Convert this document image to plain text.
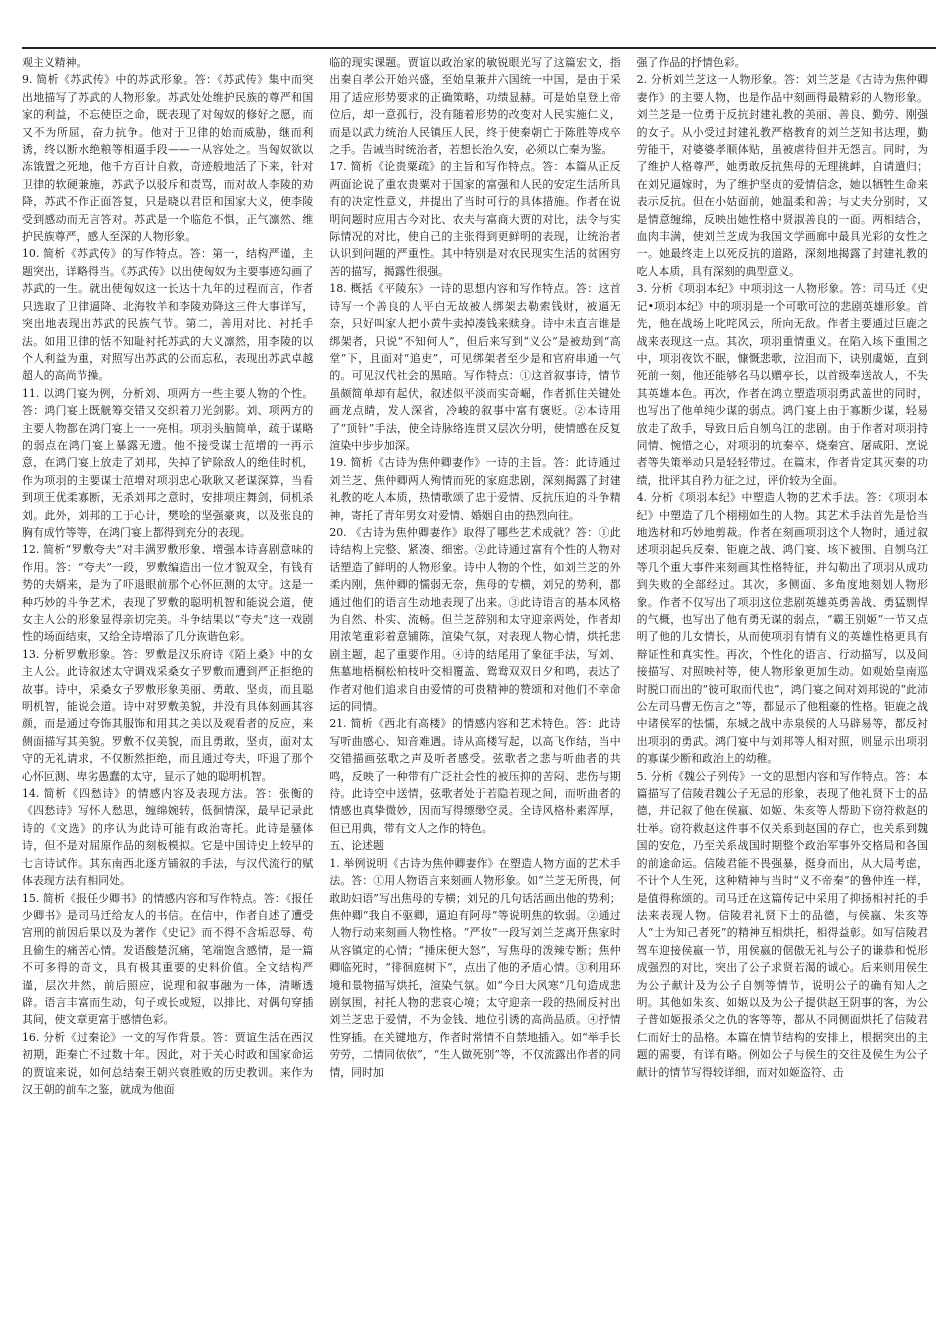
观主义精神。

9. 简析《苏武传》中的苏武形象。答：《苏武传》集中而突出地描写了苏武的人物形象。苏武处处维护民族的尊严和国家的利益，不忘使臣之命，既表现了对匈奴的修好之愿，而又不为所屈，奋力抗争。他对于卫律的始而威胁，继而利诱，终以断水绝粮等相逼手段——一从容处之。当匈奴欲以冻饿置之死地，他千方百计自救，奇迹般地活了下来，针对卫律的软硬兼施，苏武予以驳斥和责骂，而对故人李陵的劝降，苏武不作正面答复，只是晓以君臣和国家大义，使李陵受到感动而无言答对。苏武是一个临危不惧，正气凛然、维护民族尊严，感人至深的人物形象。

10. 简析《苏武传》的写作特点。答：第一，结构严谨，主题突出，详略得当。《苏武传》以出使匈奴为主要事迹勾画了苏武的一生。就出使匈奴这一长达十九年的过程而言，作者只选取了卫律逼降、北海牧羊和李陵劝降这三件大事详写，突出地表现出苏武的民族气节。第二，善用对比、衬托手法。如用卫律的恬不知耻衬托苏武的大义凛然，用李陵的以个人利益为重，对照写出苏武的公而忘私，表现出苏武卓越超人的高尚节操。

11. 以鸿门宴为例，分析刘、项两方一些主要人物的个性。答：鸿门宴上既觥筹交错又交织着刀光剑影。刘、项两方的主要人物都在鸿门宴上一一亮相。项羽头脑简单，疏于谋略的弱点在鸿门宴上暴露无遗。他不接受谋士范增的一再示意，在鸿门宴上放走了刘邦，失掉了铲除敌人的绝佳时机，作为项羽的主要谋士范增对项羽忠心耿耿又老谋深算，当看到项王优柔寡断，无杀刘邦之意时，安排项庄舞剑，伺机杀刘。此外，刘邦的工于心计，樊哙的坚强豪爽，以及张良的胸有成竹等等，在鸿门宴上都得到充分的表现。

12. 简析“罗敷夸夫”对丰满罗敷形象、增强本诗喜剧意味的作用。答：“夸夫”一段，罗敷编造出一位才貌双全，有钱有势的夫婿来，是为了吓退眼前那个心怀叵测的太守。这是一种巧妙的斗争艺术，表现了罗敷的聪明机智和能说会道，使女主人公的形象显得亲切完美。斗争结果以“夸夫”这一戏剧性的场面结束，又给全诗增添了几分诙谐色彩。

13. 分析罗敷形象。答：罗敷是汉乐府诗《陌上桑》中的女主人公。此诗叙述太守调戏采桑女子罗敷而遭到严正拒绝的故事。诗中，采桑女子罗敷形象美丽、勇敢、坚贞，而且聪明机智，能说会道。诗中对罗敷美貌，并没有具体刻画其容颜，而是通过夸饰其服饰和用其之美以及观看者的反应，来侧面描写其美貌。罗敷不仅美貌，而且勇敢，坚贞，面对太守的无礼请求，不仅断然拒绝，而且通过夸夫，吓退了那个心怀叵测、卑劣愚蠢的太守，显示了她的聪明机智。

14. 简析《四愁诗》的情感内容及表现方法。答：张衡的《四愁诗》写怀人愁思，缠绵婉转，低徊情深，最早记录此诗的《文选》的序认为此诗可能有政治寄托。此诗是骚体诗，但不是对屈原作品的刻板模拟。它是中国诗史上较早的七言诗试作。其东南西北逐方铺叙的手法，与汉代流行的赋体表现方法有相同处。

15. 简析《报任少卿书》的情感内容和写作特点。答：《报任少卿书》是司马迁给友人的书信。在信中，作者自述了遭受宫刑的前因后果以及为著作《史记》而不得不含垢忍辱、苟且偷生的痛苦心情。发语酸楚沉痛，笔端饱含感情，是一篇不可多得的奇文，具有极其重要的史料价值。全文结构严谨，层次井然，前后照应，说理和叙事融为一体，清晰透辟。语言丰富而生动，句子或长或短，以排比、对偶句穿插其间，使文章更富于感情色彩。

16. 分析《过秦论》一文的写作背景。答：贾谊生活在西汉初期，距秦亡不过数十年。因此，对于关心时政和国家命运的贾谊来说，如何总结秦王朝兴衰胜败的历史教训。来作为汉王朝的前车之鉴，就成为他面

临的现实课题。贾谊以政治家的敏锐眼光写了这篇宏文，指出秦自孝公开始兴盛，至始皇兼并六国统一中国，是由于采用了适应形势要求的正确策略，功绩显赫。可是始皇登上帝位后，却一意孤行，没有随着形势的改变对人民实施仁义，而是以武力统治人民镇压人民，终于使秦朝亡于陈胜等戍卒之手。告诫当时统治者，若想长治久安，必须以亡秦为鉴。

17. 简析《论贵粟疏》的主旨和写作特点。答：本篇从正反两面论说了重农贵粟对于国家的富强和人民的安定生活所具有的决定性意义，并提出了当时可行的具体措施。作者在说明问题时应用古今对比、农夫与富商大贾的对比，法令与实际情况的对比，使自己的主张得到更鲜明的表现，让统治者认识到问题的严重性。其中特别是对农民现实生活的贫困穷苦的描写，揭露性很强。

18. 概括《平陵东》一诗的思想内容和写作特点。答：这首诗写一个善良的人平白无故被人绑架去勒索钱财，被逼无奈，只好叫家人把小黄牛卖掉凑钱来赎身。诗中未直言谁是绑架者，只说“不知何人”，但后来写到“义公”是被劫到“高堂”下，且面对“追吏”，可见绑架者至少是和官府串通一气的。可见汉代社会的黑暗。写作特点：①这首叙事诗，情节虽颇简单却有起伏，叙述似平淡而实奇崛，作者抓住关键处画龙点睛，发人深省，冷峻的叙事中富有褒贬。②本诗用了“顶针”手法，使全诗脉络连贯又层次分明，使情感在反复渲染中步步加深。

19. 简析《古诗为焦仲卿妻作》一诗的主旨。答：此诗通过刘兰芝、焦仲卿两人殉情而死的家庭悲剧，深刻揭露了封建礼教的吃人本质，热情歌颂了忠于爱情、反抗压迫的斗争精神，寄托了青年男女对爱情、婚姻自由的热烈向往。

20. 《古诗为焦仲卿妻作》取得了哪些艺术成就？答：①此诗结构上完整、紧凑、细密。②此诗通过富有个性的人物对话塑造了鲜明的人物形象。诗中人物的个性，如刘兰芝的外柔内刚，焦仲卿的懦弱无奈，焦母的专横，刘兄的势利，都通过他们的语言生动地表现了出来。③此诗语言的基本风格为自然、朴实、流畅。但兰芝辞别和太守迎亲两处，作者却用浓笔重彩着意铺陈，渲染气氛，对表现人物心情，烘托悲剧主题，起了重要作用。④诗的结尾用了象征手法，写刘、焦墓地梧桐松柏枝叶交相覆盖、鸳鸯双双日夕和鸣，表达了作者对他们追求自由爱情的可贵精神的赞颂和对他们不幸命运的同情。

21. 简析《西北有高楼》的情感内容和艺术特色。答：此诗写听曲感心、知音难遇。诗从高楼写起，以高飞作结，当中交错描画弦歌之声及听者感受。弦歌者之悲与听曲者的共鸣，反映了一种带有广泛社会性的被压抑的苦闷、悲伤与期待。此诗空中送情，弦歌者处于若隐若现之间，而听曲者的情感也真挚微妙，因而写得缥缈空灵。全诗风格朴素浑厚，但已用典，带有文人之作的特色。

五、论述题

1. 举例说明《古诗为焦仲卿妻作》在塑造人物方面的艺术手法。答：①用人物语言来刻画人物形象。如“兰芝无所畏，何敢助妇语”写出焦母的专横；刘兄的几句话活画出他的势利；焦仲卿“我自不驱卿，逼迫有阿母”等说明焦的软弱。②通过人物行动来刻画人物性格。“严妆”一段写刘兰芝离开焦家时从容镇定的心情；“捶床便大怒”，写焦母的泼辣专断；焦仲卿临死时，“徘徊庭树下”，点出了他的矛盾心情。③利用环境和景物描写烘托，渲染气氛。如“今日大风寒”几句造成悲剧氛围，衬托人物的悲哀心境；太守迎亲一段的热闹反衬出刘兰芝忠于爱情，不为金钱、地位引诱的高尚品质。④抒情性穿插。在关键地方，作者时常情不自禁地插入。如“举手长劳劳，二情同依依”，“生人做死别”等，不仅流露出作者的同情，同时加

强了作品的抒情色彩。

2. 分析刘兰芝这一人物形象。答：刘兰芝是《古诗为焦仲卿妻作》的主要人物，也是作品中刻画得最精彩的人物形象。刘兰芝是一位勇于反抗封建礼教的美丽、善良、勤劳、刚强的女子。从小受过封建礼教严格教育的刘兰芝知书达理，勤劳能干，对婆婆孝顺体贴，虽被虐待但并无怨言。同时，为了维护人格尊严，她勇敢反抗焦母的无理挑衅，自请遣归；在刘兄逼嫁时，为了维护坚贞的爱情信念，她以牺牲生命来表示反抗。但在小姑面前，她温柔和善；与丈夫分别时，又是情意缠绵，反映出她性格中贤淑善良的一面。两相结合，血肉丰满，使刘兰芝成为我国文学画廊中最具光彩的女性之一。她最终走上以死反抗的道路，深刻地揭露了封建礼教的吃人本质，具有深刻的典型意义。

3. 分析《项羽本纪》中项羽这一人物形象。答：司马迁《史记•项羽本纪》中的项羽是一个可歌可泣的悲剧英雄形象。首先，他在战场上叱咤风云，所向无敌。作者主要通过巨鹿之战来表现这一点。其次，项羽重情重义。在陷入垓下重围之中，项羽夜饮不眠，慷慨悲歌，泣泪而下，诀别虞姬，直到死前一刻，他还能够名马以赠亭长，以首级奉送故人，不失其英雄本色。再次，作者在鸿立塑造项羽勇武盖世的同时，也写出了他单纯少谋的弱点。鸿门宴上由于寡断少谋，轻易放走了敌手，导致日后自刎乌江的悲剧。由于作者对项羽持同情、惋惜之心，对项羽的坑秦卒、烧秦宫、屠咸阳、烹说者等失策举动只是轻轻带过。在篇末，作者肯定其灭秦的功绩，批评其自矜力征之过，评价较为全面。

4. 分析《项羽本纪》中塑造人物的艺术手法。答：《项羽本纪》中塑造了几个栩栩如生的人物。其艺术手法首先是恰当地选材和巧妙地剪裁。作者在刻画项羽这个人物时，通过叙述项羽起兵反秦、钜鹿之战、鸿门宴、垓下被围、自刎乌江等几个重大事件来刻画其性格特征，并勾勒出了项羽从成功到失败的全部经过。其次，多侧面、多角度地刻划人物形象。作者不仅写出了项羽这位悲剧英雄英勇善战、勇猛剽悍的气概，也写出了他有勇无谋的弱点，“霸王别姬”一节又点明了他的儿女情长，从而使项羽有情有义的英雄性格更具有辩证性和真实性。再次，个性化的语言、行动描写，以及间接描写、对照映衬等，使人物形象更加生动。如观始皇南巡时脱口而出的“彼可取而代也”，鸿门宴之间对刘邦说的“此沛公左司马曹无伤言之”等，都显示了他粗豪的性格。钜鹿之战中诸侯军的怯懦，东城之战中赤泉侯的人马辟易等，都反衬出项羽的勇武。鸿门宴中与刘邦等人相对照，则显示出项羽的寡谋少断和政治上的幼稚。

5. 分析《魏公子列传》一文的思想内容和写作特点。答：本篇描写了信陵君魏公子无忌的形象，表现了他礼贤下士的品德，并记叙了他在侯嬴、如姬、朱亥等人帮助下窃符救赵的壮举。窃符救赵这件事不仅关系到赵国的存亡，也关系到魏国的安危，乃至关系战国时期整个政治军事外交格局和各国的前途命运。信陵君能不畏强暴，挺身而出，从大局考虑，不计个人生死，这种精神与当时“义不帝秦”的鲁仲连一样，是值得称颂的。司马迁在这篇传记中采用了抑扬相衬托的手法来表现人物。信陵君礼贤下士的品德，与侯嬴、朱亥等人“士为知己者死”的精神互相烘托，相得益彰。如写信陵君驾车迎接侯嬴一节，用侯嬴的倨傲无礼与公子的谦恭和悦形成强烈的对比，突出了公子求贤若渴的诚心。后来则用侯生为公子献计及为公子自刎等情节，说明公子的确有知人之明。其他如朱亥、如姬以及为公子提供赵王阴事的客，为公子普如姬报杀父之仇的客等等，都从不同侧面烘托了信陵君仁而好士的品格。本篇在情节结构的安排上，根据突出的主题的需要，有详有略。例如公子与侯生的交往及侯生为公子献计的情节写得较详细，而对如姬盗符、击
